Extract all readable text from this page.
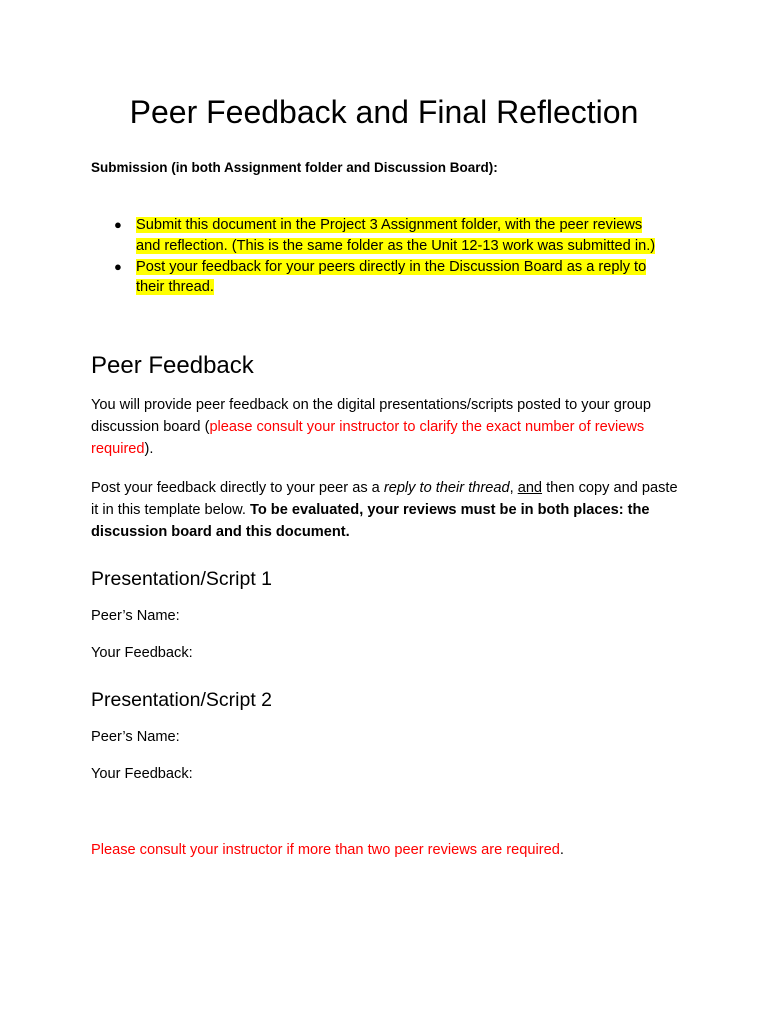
Peer Feedback and Final Reflection

Submission (in both Assignment folder and Discussion Board):

● Submit this document in the Project 3 Assignment folder, with the peer reviews
and reflection. (This is the same folder as the Unit 12-13 work was submitted in.)
● Post your feedback for your peers directly in the Discussion Board as a reply to
their thread.
Peer Feedback

You will provide peer feedback on the digital presentations/scripts posted to your group discussion board (please consult your instructor to clarify the exact number of reviews required).

Post your feedback directly to your peer as a reply to their thread, and then copy and paste it in this template below. To be evaluated, your reviews must be in both places: the discussion board and this document.

Presentation/Script 1

Peer’s Name:

Your Feedback:

Presentation/Script 2

Peer’s Name:

Your Feedback:

Please consult your instructor if more than two peer reviews are required.
